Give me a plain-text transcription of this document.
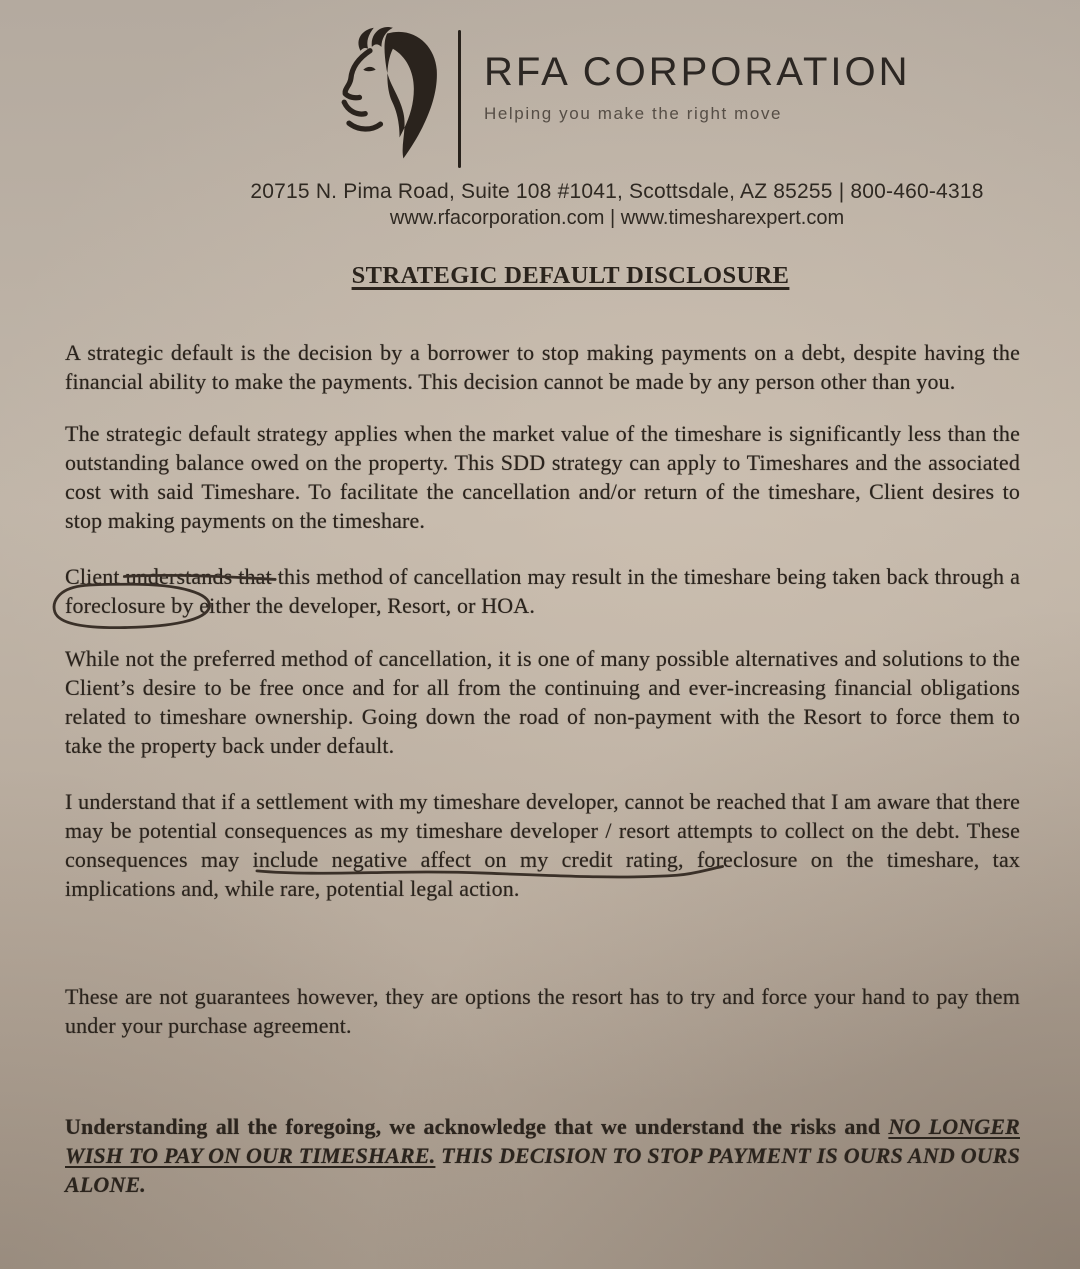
RFA CORPORATION
Helping you make the right move
20715 N. Pima Road, Suite 108 #1041, Scottsdale, AZ 85255 | 800-460-4318
www.rfacorporation.com | www.timesharexpert.com
STRATEGIC DEFAULT DISCLOSURE

A strategic default is the decision by a borrower to stop making payments on a debt, despite having the financial ability to make the payments. This decision cannot be made by any person other than you.

The strategic default strategy applies when the market value of the timeshare is significantly less than the outstanding balance owed on the property. This SDD strategy can apply to Timeshares and the associated cost with said Timeshare. To facilitate the cancellation and/or return of the timeshare, Client desires to stop making payments on the timeshare.

Client understands that
this method of cancellation may result in the timeshare being taken back through a foreclosure by
either the developer, Resort, or HOA.

While not the preferred method of cancellation, it is one of many possible alternatives and solutions to the Client’s desire to be free once and for all from the continuing and ever-increasing financial obligations related to timeshare ownership. Going down the road of non-payment with the Resort to force them to take the property back under default.

I understand that if a settlement with my timeshare developer, cannot be reached that I am aware that there may be potential consequences as my timeshare developer / resort attempts to collect on the debt. These consequences may include negative affect on my credit rating,
foreclosure on the timeshare, tax implications and, while rare, potential legal action.

These are not guarantees however, they are options the resort has to try and force your hand to pay them under your purchase agreement.

Understanding all the foregoing, we acknowledge that we understand the risks and NO LONGER WISH TO PAY ON OUR TIMESHARE. THIS DECISION TO STOP PAYMENT IS OURS AND OURS ALONE.
